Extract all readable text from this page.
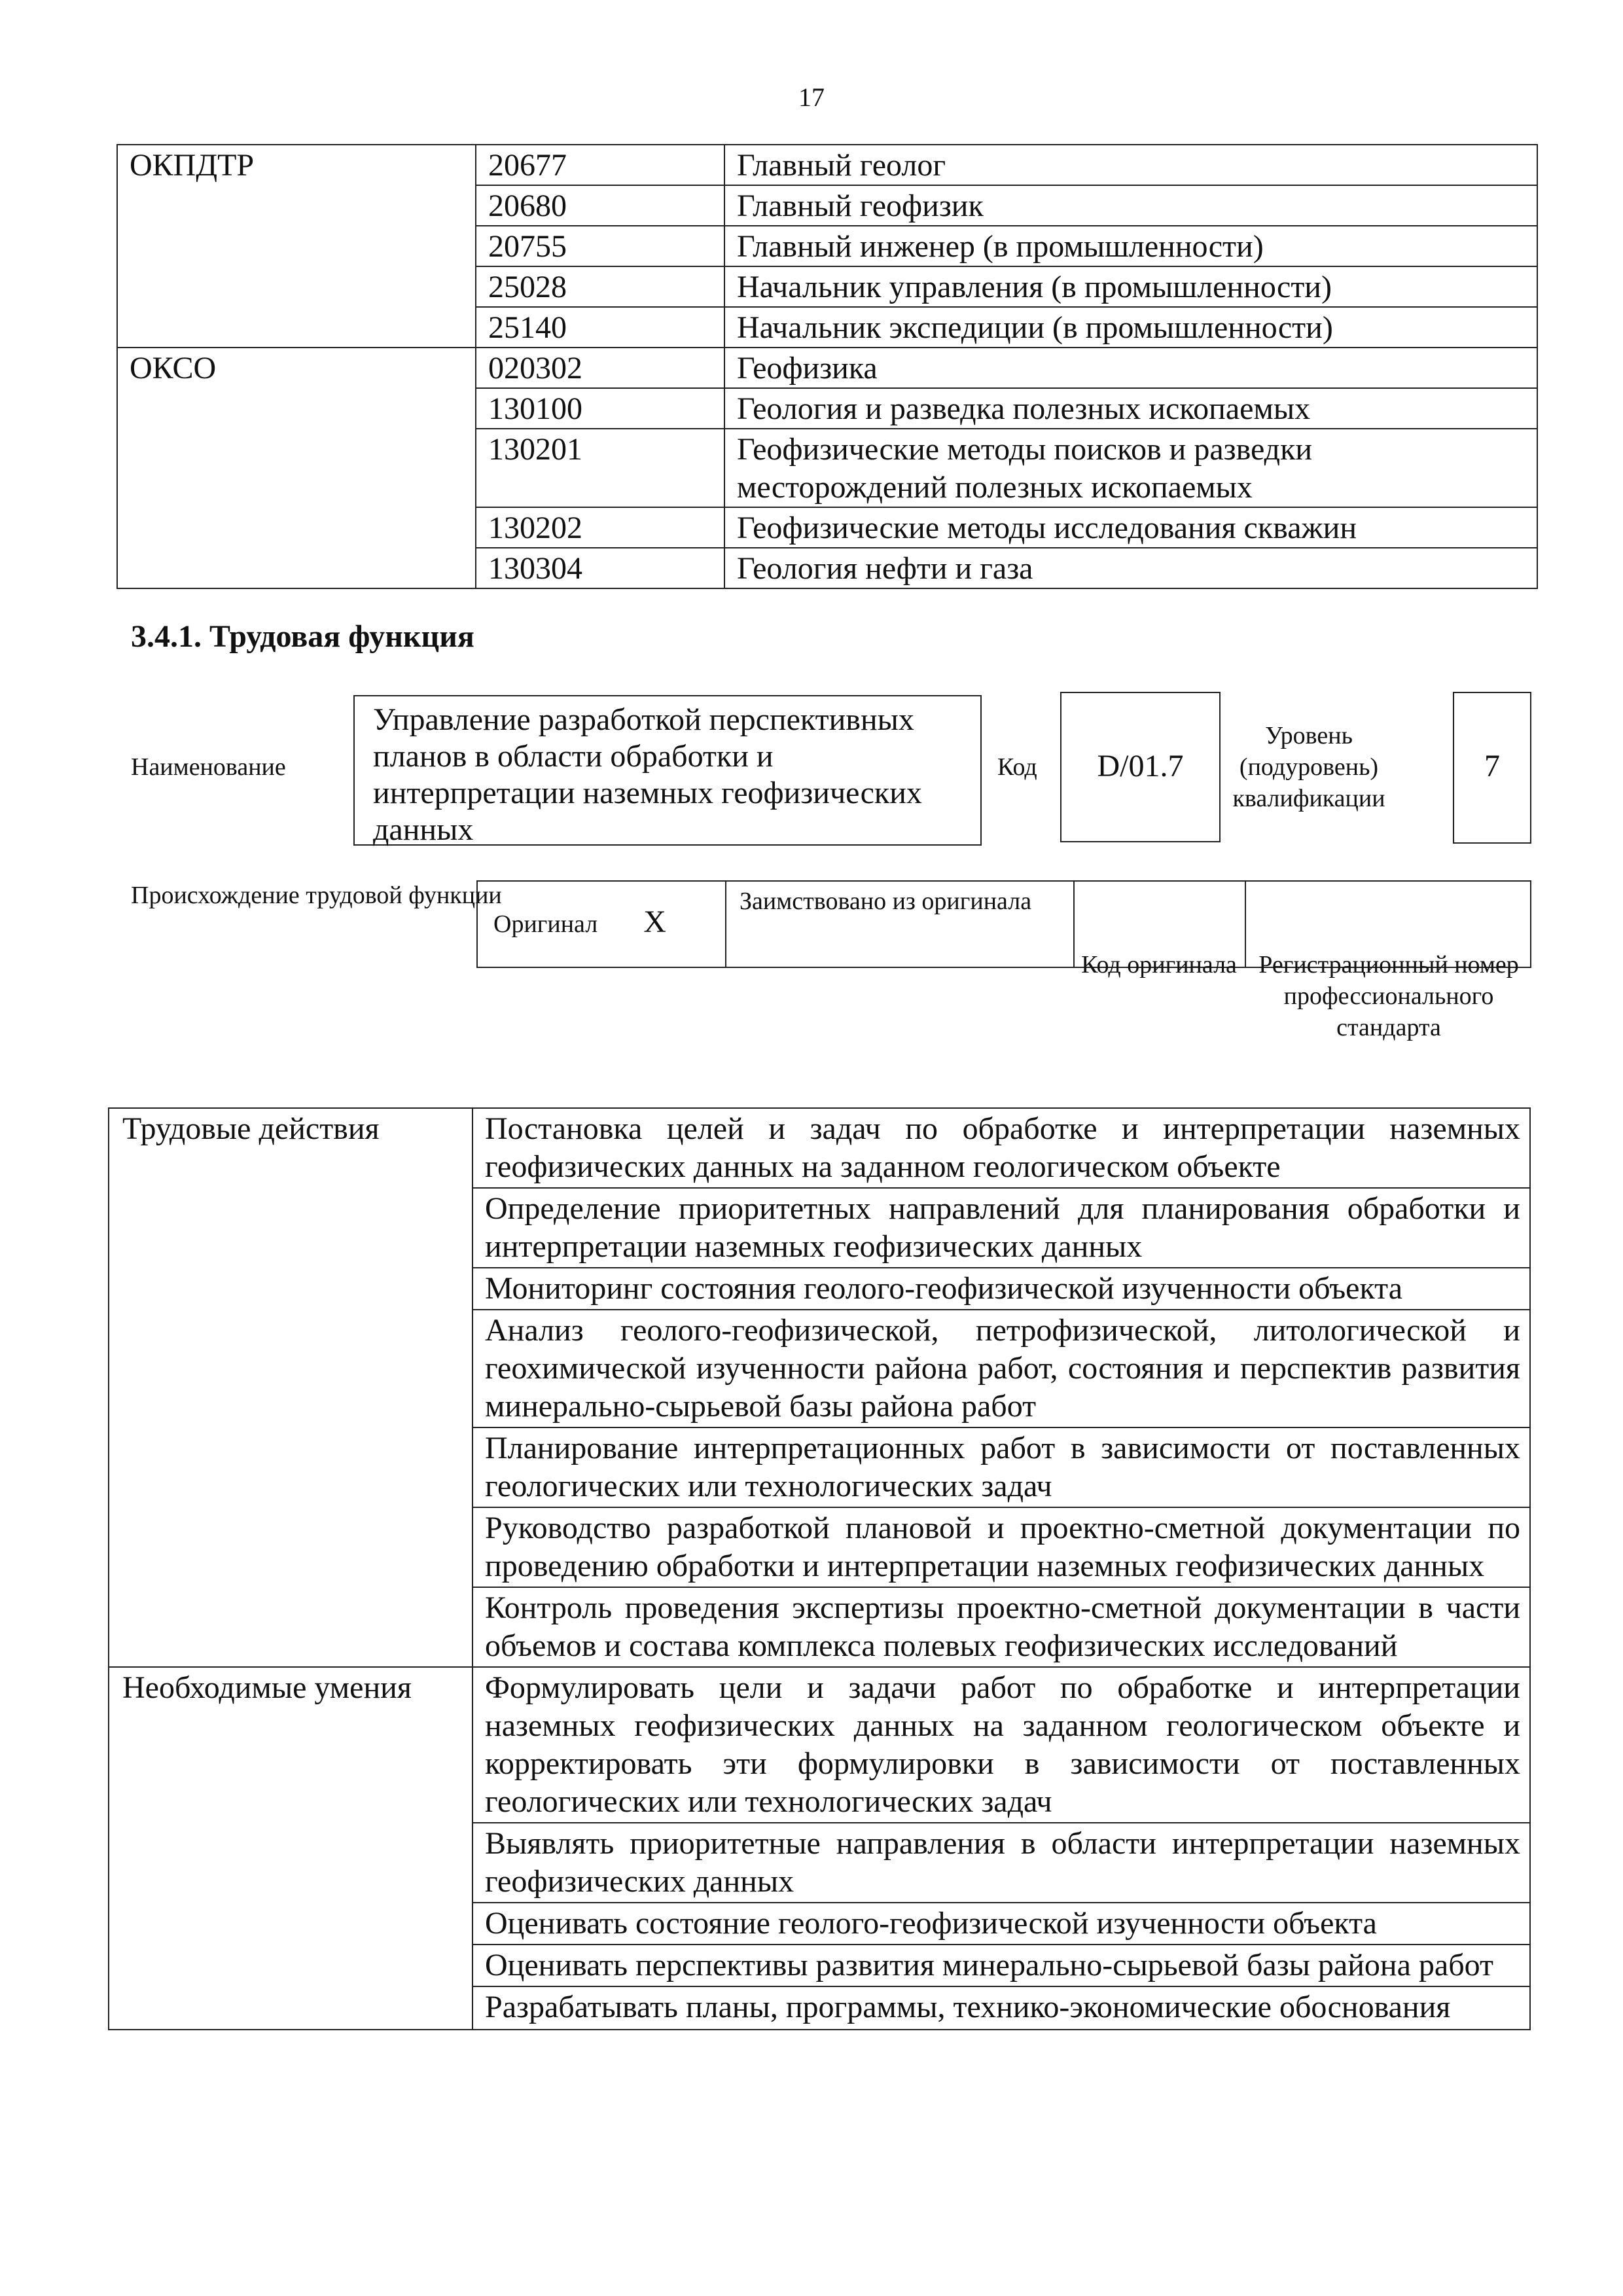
17
ОКПДТР	20677	Главный геолог
	20680	Главный геофизик
	20755	Главный инженер (в промышленности)
	25028	Начальник управления (в промышленности)
	25140	Начальник экспедиции (в промышленности)
ОКСО	020302	Геофизика
	130100	Геология и разведка полезных ископаемых
	130201	Геофизические методы поисков и разведки месторождений полезных ископаемых
	130202	Геофизические методы исследования скважин
	130304	Геология нефти и газа
3.4.1. Трудовая функция
Наименование
Управление разработкой перспективных планов в области обработки и интерпретации наземных геофизических данных
Код	D/01.7
Уровень (подуровень) квалификации
7
Происхождение трудовой функции
Оригинал X	Заимствовано из оригинала		
Код оригинала Регистрационный номер профессионального стандарта
Трудовые действия	Постановка целей и задач по обработке и интерпретации наземных геофизических данных на заданном геологическом объекте
	Определение приоритетных направлений для планирования обработки и интерпретации наземных геофизических данных
	Мониторинг состояния геолого-геофизической изученности объекта
	Анализ геолого-геофизической, петрофизической, литологической и геохимической изученности района работ, состояния и перспектив развития минерально-сырьевой базы района работ
	Планирование интерпретационных работ в зависимости от поставленных геологических или технологических задач
	Руководство разработкой плановой и проектно-сметной документации по проведению обработки и интерпретации наземных геофизических данных
	Контроль проведения экспертизы проектно-сметной документации в части объемов и состава комплекса полевых геофизических исследований
Необходимые умения	Формулировать цели и задачи работ по обработке и интерпретации наземных геофизических данных на заданном геологическом объекте и корректировать эти формулировки в зависимости от поставленных геологических или технологических задач
	Выявлять приоритетные направления в области интерпретации наземных геофизических данных
	Оценивать состояние геолого-геофизической изученности объекта
	Оценивать перспективы развития минерально-сырьевой базы района работ
	Разрабатывать планы, программы, технико-экономические обоснования
